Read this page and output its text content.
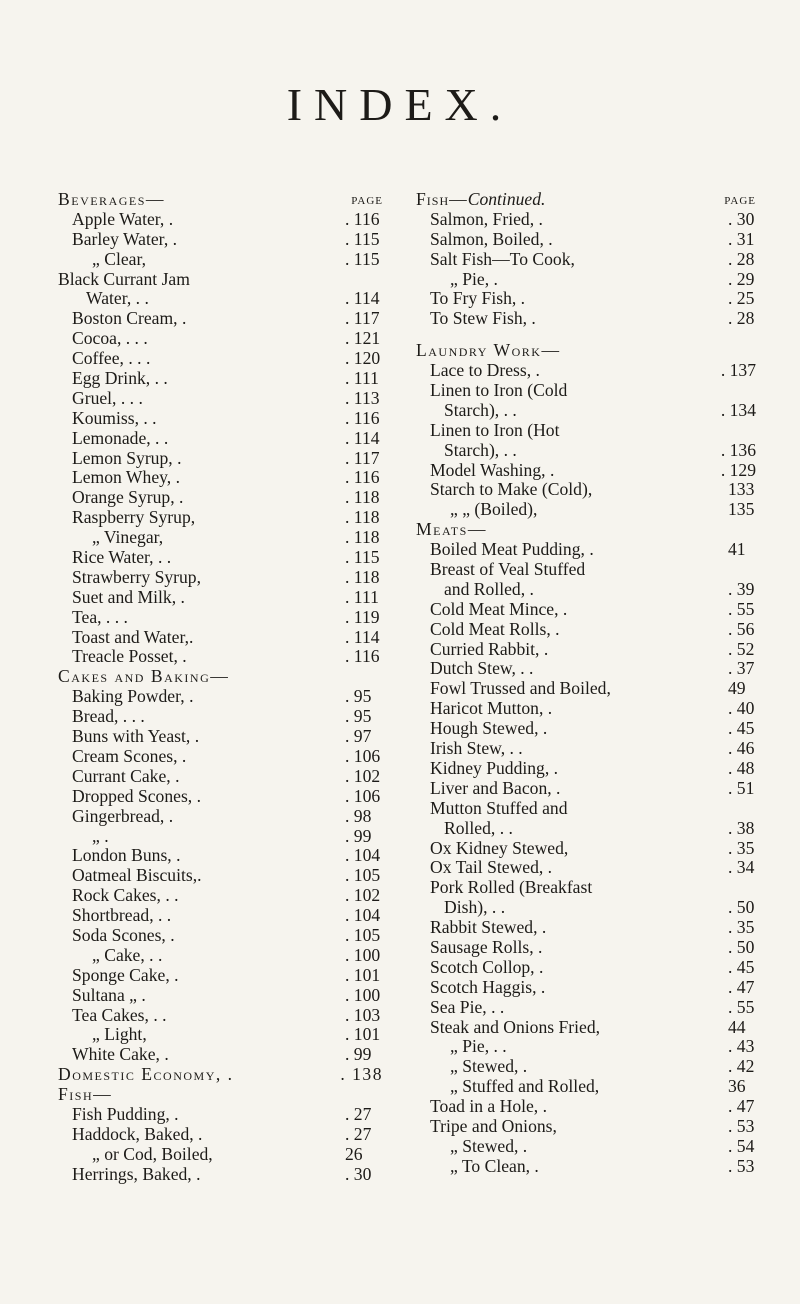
INDEX.
Beverages—	PAGE
Apple Water, .	. 116
Barley Water, .	. 115
„ Clear,	. 115
Black Currant Jam
Water, . .	. 114
Boston Cream, .	. 117
Cocoa, . . .	. 121
Coffee, . . .	. 120
Egg Drink, . .	. 111
Gruel, . . .	. 113
Koumiss, . .	. 116
Lemonade, . .	. 114
Lemon Syrup, .	. 117
Lemon Whey, .	. 116
Orange Syrup, .	. 118
Raspberry Syrup,	. 118
„ Vinegar,	. 118
Rice Water, . .	. 115
Strawberry Syrup,	. 118
Suet and Milk, .	. 111
Tea, . . .	. 119
Toast and Water,.	. 114
Treacle Posset, .	. 116
Cakes and Baking—
Baking Powder, .	. 95
Bread, . . .	. 95
Buns with Yeast, .	. 97
Cream Scones, .	. 106
Currant Cake, .	. 102
Dropped Scones, .	. 106
Gingerbread, .	. 98
„ .	. 99
London Buns, .	. 104
Oatmeal Biscuits,.	. 105
Rock Cakes, . .	. 102
Shortbread, . .	. 104
Soda Scones, .	. 105
„ Cake, . .	. 100
Sponge Cake, .	. 101
Sultana „ .	. 100
Tea Cakes, . .	. 103
„ Light,	. 101
White Cake, .	. 99
Domestic Economy, .	. 138
Fish—
Fish Pudding, .	. 27
Haddock, Baked, .	. 27
„ or Cod, Boiled,	26
Herrings, Baked, .	. 30
Fish—Continued.	PAGE
Salmon, Fried, .	. 30
Salmon, Boiled, .	. 31
Salt Fish—To Cook,	. 28
„ Pie, .	. 29
To Fry Fish, .	. 25
To Stew Fish, .	. 28
Laundry Work—
Lace to Dress, .	. 137
Linen to Iron (Cold
Starch), . .	. 134
Linen to Iron (Hot
Starch), . .	. 136
Model Washing, .	. 129
Starch to Make (Cold),	133
„ „ (Boiled),	135
Meats—
Boiled Meat Pudding, .	41
Breast of Veal Stuffed
and Rolled, .	. 39
Cold Meat Mince, .	. 55
Cold Meat Rolls, .	. 56
Curried Rabbit, .	. 52
Dutch Stew, . .	. 37
Fowl Trussed and Boiled,	49
Haricot Mutton, .	. 40
Hough Stewed, .	. 45
Irish Stew, . .	. 46
Kidney Pudding, .	. 48
Liver and Bacon, .	. 51
Mutton Stuffed and
Rolled, . .	. 38
Ox Kidney Stewed,	. 35
Ox Tail Stewed, .	. 34
Pork Rolled (Breakfast
Dish), . .	. 50
Rabbit Stewed, .	. 35
Sausage Rolls, .	. 50
Scotch Collop, .	. 45
Scotch Haggis, .	. 47
Sea Pie, . .	. 55
Steak and Onions Fried,	44
„ Pie, . .	. 43
„ Stewed, .	. 42
„ Stuffed and Rolled,	36
Toad in a Hole, .	. 47
Tripe and Onions,	. 53
„ Stewed, .	. 54
„ To Clean, .	. 53
